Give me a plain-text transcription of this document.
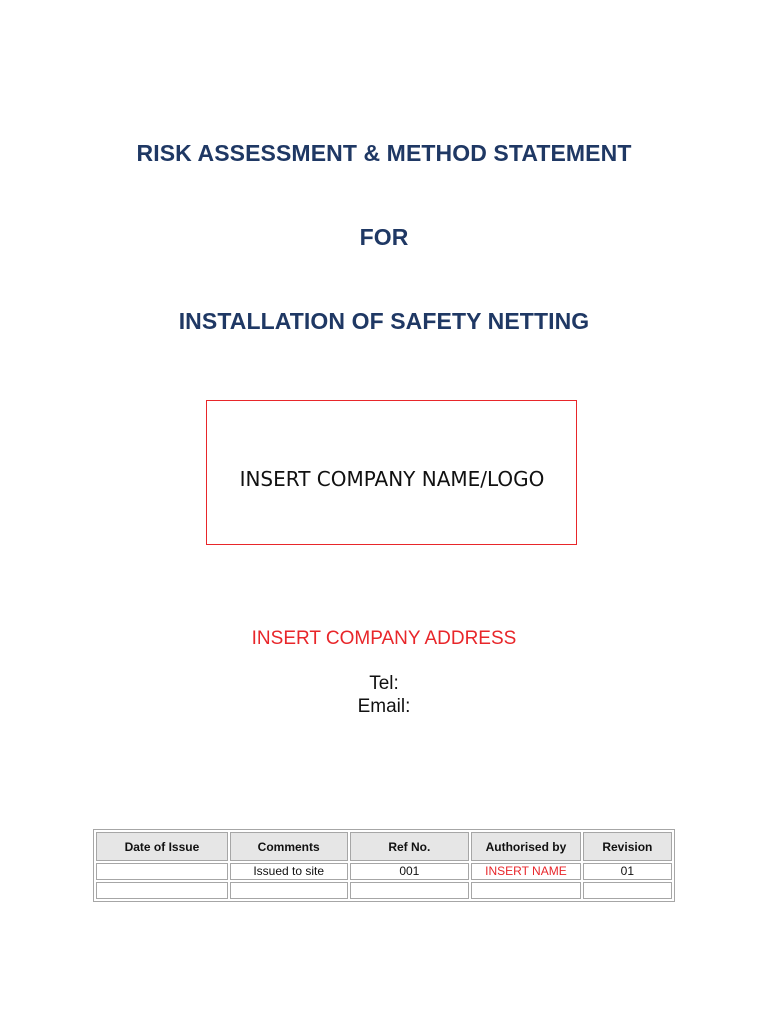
RISK ASSESSMENT & METHOD STATEMENT
FOR
INSTALLATION OF SAFETY NETTING
INSERT COMPANY NAME/LOGO
INSERT COMPANY ADDRESS
Tel:
Email:
Date of Issue	Comments	Ref No.	Authorised by	Revision
	Issued to site	001	INSERT NAME	01
